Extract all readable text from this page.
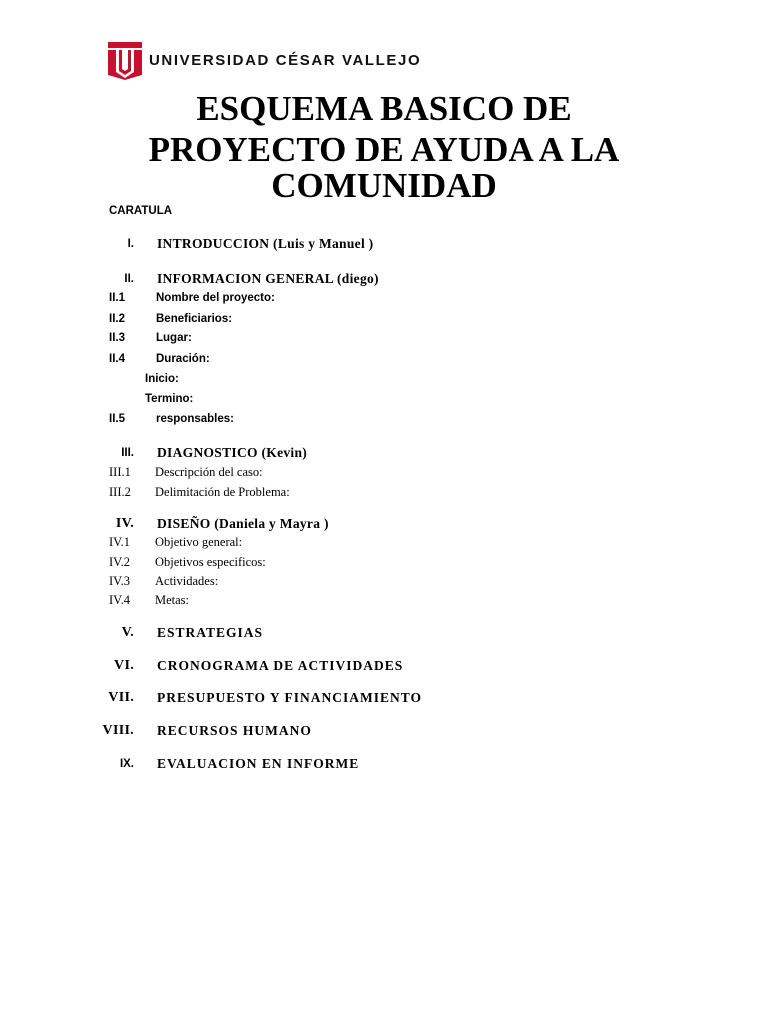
UNIVERSIDAD CÉSAR VALLEJO
ESQUEMA BASICO DE
PROYECTO DE AYUDA A LA
COMUNIDAD
CARATULA
I. INTRODUCCION (Luis y Manuel )
II. INFORMACION GENERAL (diego)
II.1	Nombre del proyecto:
II.2	Beneficiarios:
II.3	Lugar:
II.4	Duración:
Inicio:
Termino:
II.5	responsables:
III. DIAGNOSTICO (Kevin)
III.1 Descripción del caso:
III.2 Delimitación de Problema:
IV. DISEÑO (Daniela y Mayra )
IV.1 Objetivo general:
IV.2 Objetivos especificos:
IV.3 Actividades:
IV.4 Metas:
V. ESTRATEGIAS
VI. CRONOGRAMA DE ACTIVIDADES
VII. PRESUPUESTO Y FINANCIAMIENTO
VIII. RECURSOS HUMANO
IX. EVALUACION EN INFORME
